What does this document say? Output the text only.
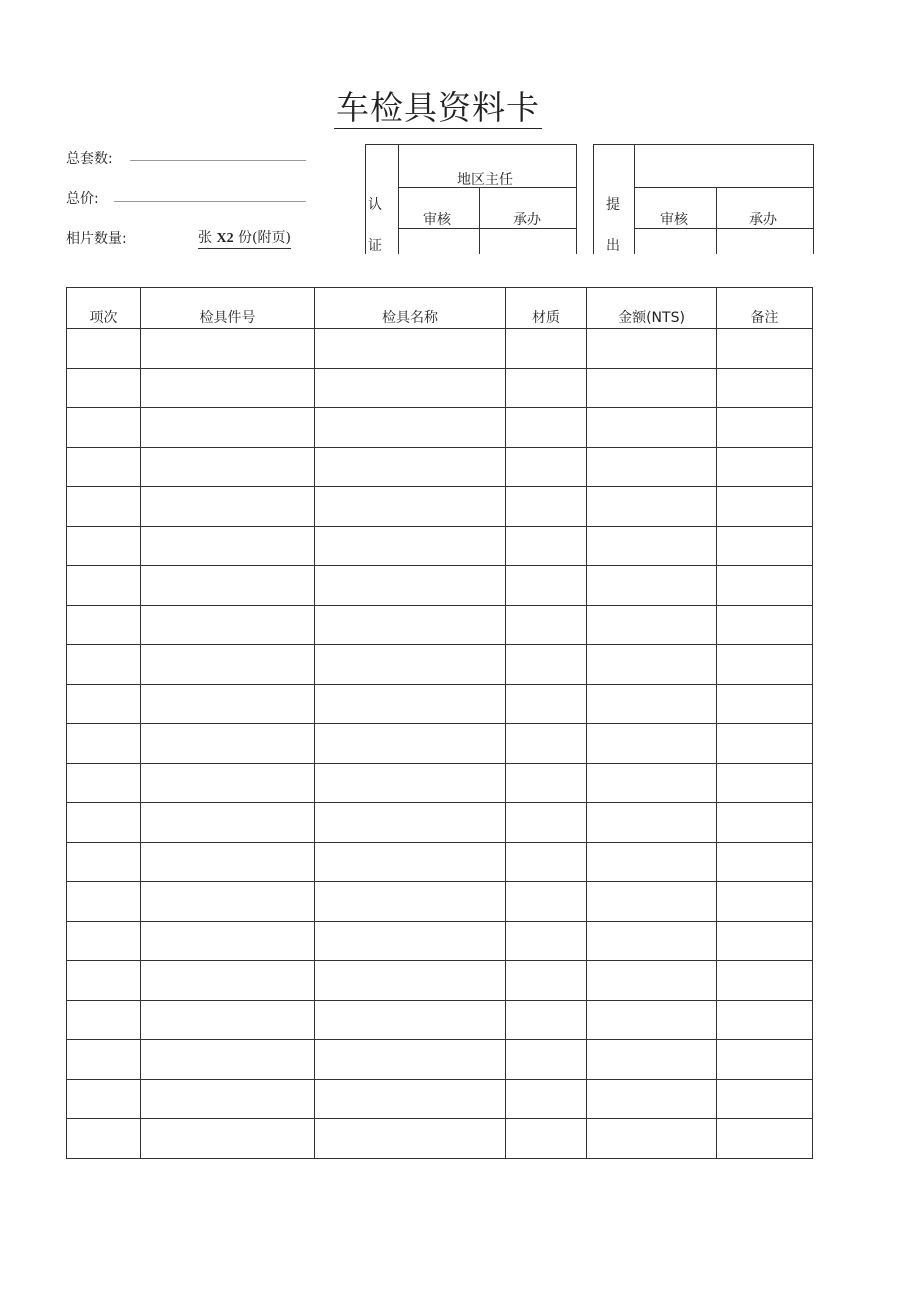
车检具资料卡
总套数:
总价:
相片数量:	张 X2 份(附页)
认
证
地区主任
审核	承办
提
出
审核	承办
项次	检具件号	检具名称	材质	金额(NTS)	备注
